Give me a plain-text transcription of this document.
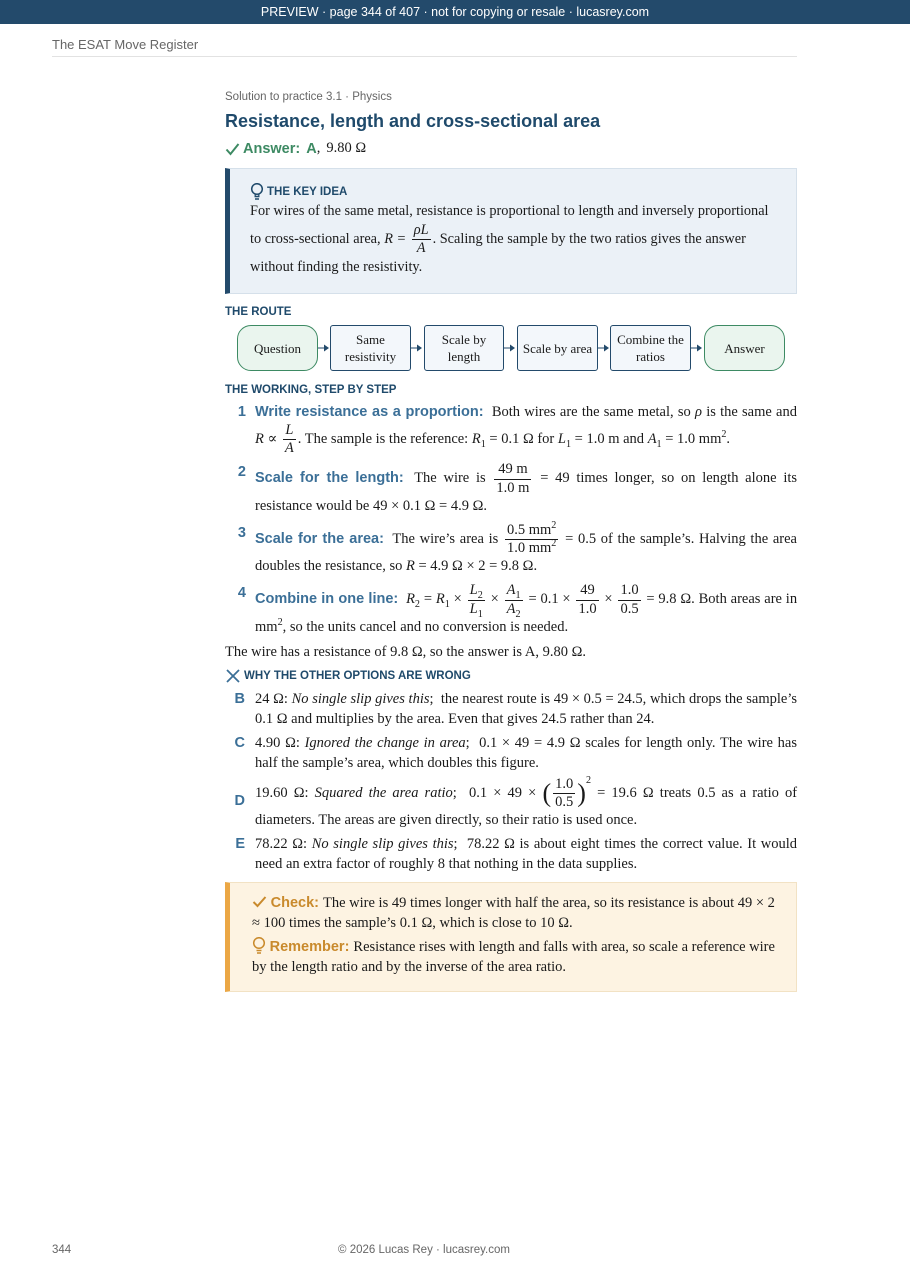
PREVIEW · page 344 of 407 · not for copying or resale · lucasrey.com
The ESAT Move Register
Solution to practice 3.1 · Physics
Resistance, length and cross-sectional area
Answer: A , 9.80 Ω
THE KEY IDEA
For wires of the same metal, resistance is proportional to length and inversely proportional to cross-sectional area, $R = \frac{\rho L}{A}$ . Scaling the sample by the two ratios gives the answer without finding the resistivity.
THE ROUTE
Question
Same resistivity
Scale by length
Scale by area
Combine the ratios
Answer
THE WORKING, STEP BY STEP
1 Write resistance as a proportion: Both wires are the same metal, so ρ is the same and $R \propto \frac{L}{A}$ . The sample is the reference: $R_1 = 0.1$ Ω for $L_1 = 1.0$ m and $A_1 = 1.0$ $mm^2$.
2 Scale for the length: The wire is $\frac{49 m}{1.0 m} = 49$ times longer, so on length alone its resistance would be 49 × 0.1 Ω = 4.9 Ω.
3 Scale for the area: The wire’s area is $\frac{0.5 mm^2}{1.0 mm^2} = 0.5$ of the sample’s. Halving the area doubles the resistance, so R = 4.9 Ω × 2 = 9.8 Ω.
4 Combine in one line: $R_2 = R_1 \times \frac{L_2}{L_1} \times \frac{A_1}{A_2} = 0.1 \times \frac{49}{1.0} \times \frac{1.0}{0.5} = 9.8$ Ω. Both areas are in $mm^2$, so the units cancel and no conversion is needed.
The wire has a resistance of 9.8 Ω, so the answer is A, 9.80 Ω.
WHY THE OTHER OPTIONS ARE WRONG
B 24 Ω: No single slip gives this;  the nearest route is 49 × 0.5 = 24.5, which drops the sample’s 0.1 Ω and multiplies by the area. Even that gives 24.5 rather than 24.
C 4.90 Ω: Ignored the change in area;  0.1 × 49 = 4.9 Ω scales for length only. The wire has half the sample’s area, which doubles this figure.
D 19.60 Ω: Squared the area ratio;  0.1 × 49 × ( $\frac{1.0}{0.5} )^2 = 19.6$ Ω treats 0.5 as a ratio of diameters. The areas are given directly, so their ratio is used once.
E 78.22 Ω: No single slip gives this;  78.22 Ω is about eight times the correct value. It would need an extra factor of roughly 8 that nothing in the data supplies.
Check: The wire is 49 times longer with half the area, so its resistance is about 49 × 2 ≈ 100 times the sample’s 0.1 Ω, which is close to 10 Ω.
Remember: Resistance rises with length and falls with area, so scale a reference wire by the length ratio and by the inverse of the area ratio.
344	© 2026 Lucas Rey · lucasrey.com
